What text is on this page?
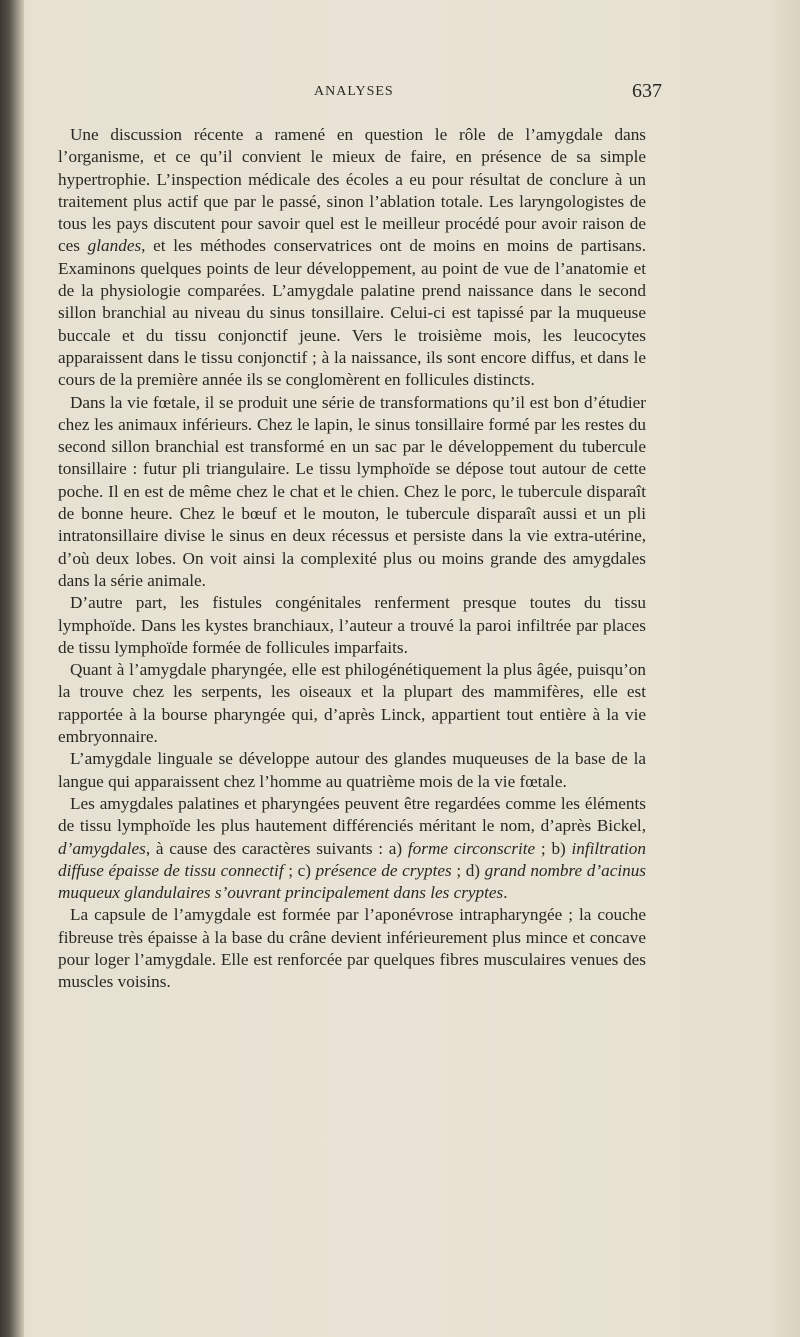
ANALYSES	637

Une discussion récente a ramené en question le rôle de l’amygdale dans l’organisme, et ce qu’il convient le mieux de faire, en présence de sa simple hypertrophie. L’inspection médicale des écoles a eu pour résultat de conclure à un traitement plus actif que par le passé, sinon l’ablation totale. Les laryngologistes de tous les pays discutent pour savoir quel est le meilleur procédé pour avoir raison de ces glandes, et les méthodes conservatrices ont de moins en moins de partisans. Examinons quelques points de leur développement, au point de vue de l’anatomie et de la physiologie comparées. L’amygdale palatine prend naissance dans le second sillon branchial au niveau du sinus tonsillaire. Celui-ci est tapissé par la muqueuse buccale et du tissu conjonctif jeune. Vers le troisième mois, les leucocytes apparaissent dans le tissu conjonctif ; à la naissance, ils sont encore diffus, et dans le cours de la première année ils se conglomèrent en follicules distincts.

Dans la vie fœtale, il se produit une série de transformations qu’il est bon d’étudier chez les animaux inférieurs. Chez le lapin, le sinus tonsillaire formé par les restes du second sillon branchial est transformé en un sac par le développement du tubercule tonsillaire : futur pli triangulaire. Le tissu lymphoïde se dépose tout autour de cette poche. Il en est de même chez le chat et le chien. Chez le porc, le tubercule disparaît de bonne heure. Chez le bœuf et le mouton, le tubercule disparaît aussi et un pli intratonsillaire divise le sinus en deux récessus et persiste dans la vie extra-utérine, d’où deux lobes. On voit ainsi la complexité plus ou moins grande des amygdales dans la série animale.

D’autre part, les fistules congénitales renferment presque toutes du tissu lymphoïde. Dans les kystes branchiaux, l’auteur a trouvé la paroi infiltrée par places de tissu lymphoïde formée de follicules imparfaits.

Quant à l’amygdale pharyngée, elle est philogénétiquement la plus âgée, puisqu’on la trouve chez les serpents, les oiseaux et la plupart des mammifères, elle est rapportée à la bourse pharyngée qui, d’après Linck, appartient tout entière à la vie embryonnaire.

L’amygdale linguale se développe autour des glandes muqueuses de la base de la langue qui apparaissent chez l’homme au quatrième mois de la vie fœtale.

Les amygdales palatines et pharyngées peuvent être regardées comme les éléments de tissu lymphoïde les plus hautement différenciés méritant le nom, d’après Bickel, d’amygdales, à cause des caractères suivants : a) forme circonscrite ; b) infiltration diffuse épaisse de tissu connectif ; c) présence de cryptes ; d) grand nombre d’acinus muqueux glandulaires s’ouvrant principalement dans les cryptes.

La capsule de l’amygdale est formée par l’aponévrose intrapharyngée ; la couche fibreuse très épaisse à la base du crâne devient inférieurement plus mince et concave pour loger l’amygdale. Elle est renforcée par quelques fibres musculaires venues des muscles voisins.
